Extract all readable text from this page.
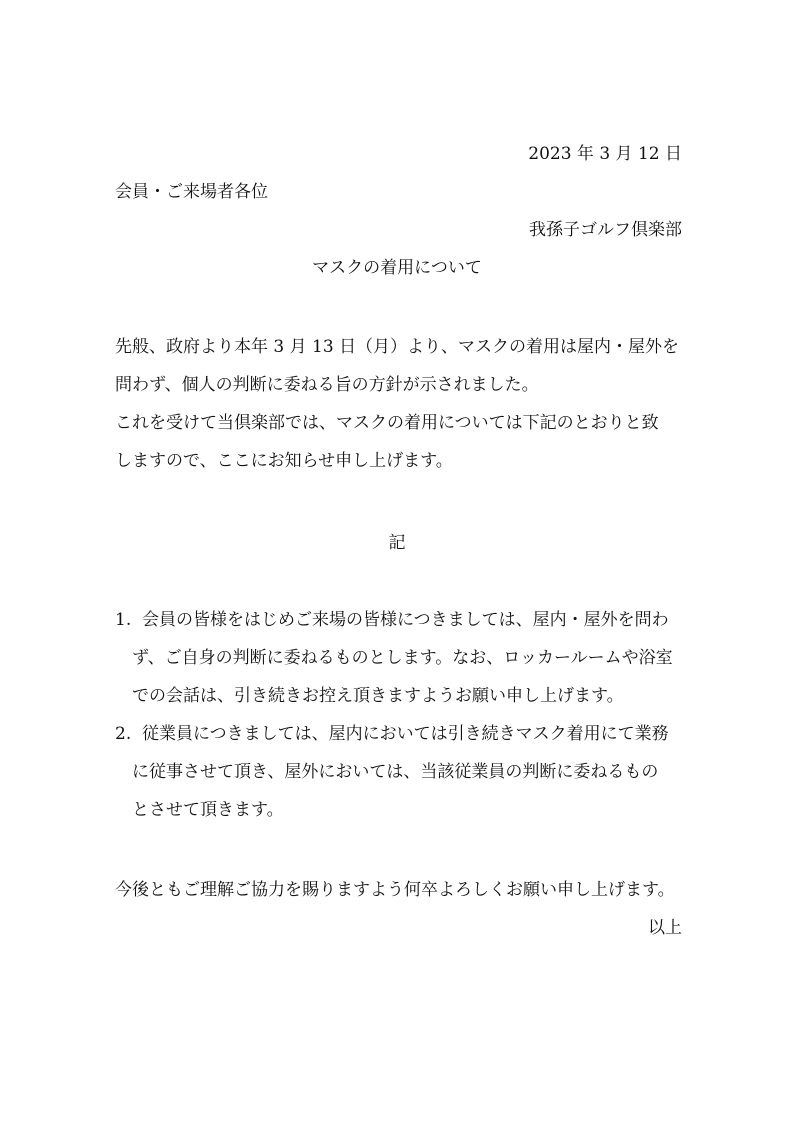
2023 年 3 月 12 日

会員・ご来場者各位

我孫子ゴルフ倶楽部

マスクの着用について

先般、政府より本年 3 月 13 日（月）より、マスクの着用は屋内・屋外を

問わず、個人の判断に委ねる旨の方針が示されました。

これを受けて当倶楽部では、マスクの着用については下記のとおりと致

しますので、ここにお知らせ申し上げます。

記

1. 会員の皆様をはじめご来場の皆様につきましては、屋内・屋外を問わ

ず、ご自身の判断に委ねるものとします。なお、ロッカールームや浴室

での会話は、引き続きお控え頂きますようお願い申し上げます。

2. 従業員につきましては、屋内においては引き続きマスク着用にて業務

に従事させて頂き、屋外においては、当該従業員の判断に委ねるもの

とさせて頂きます。

今後ともご理解ご協力を賜りますよう何卒よろしくお願い申し上げます。

以上
